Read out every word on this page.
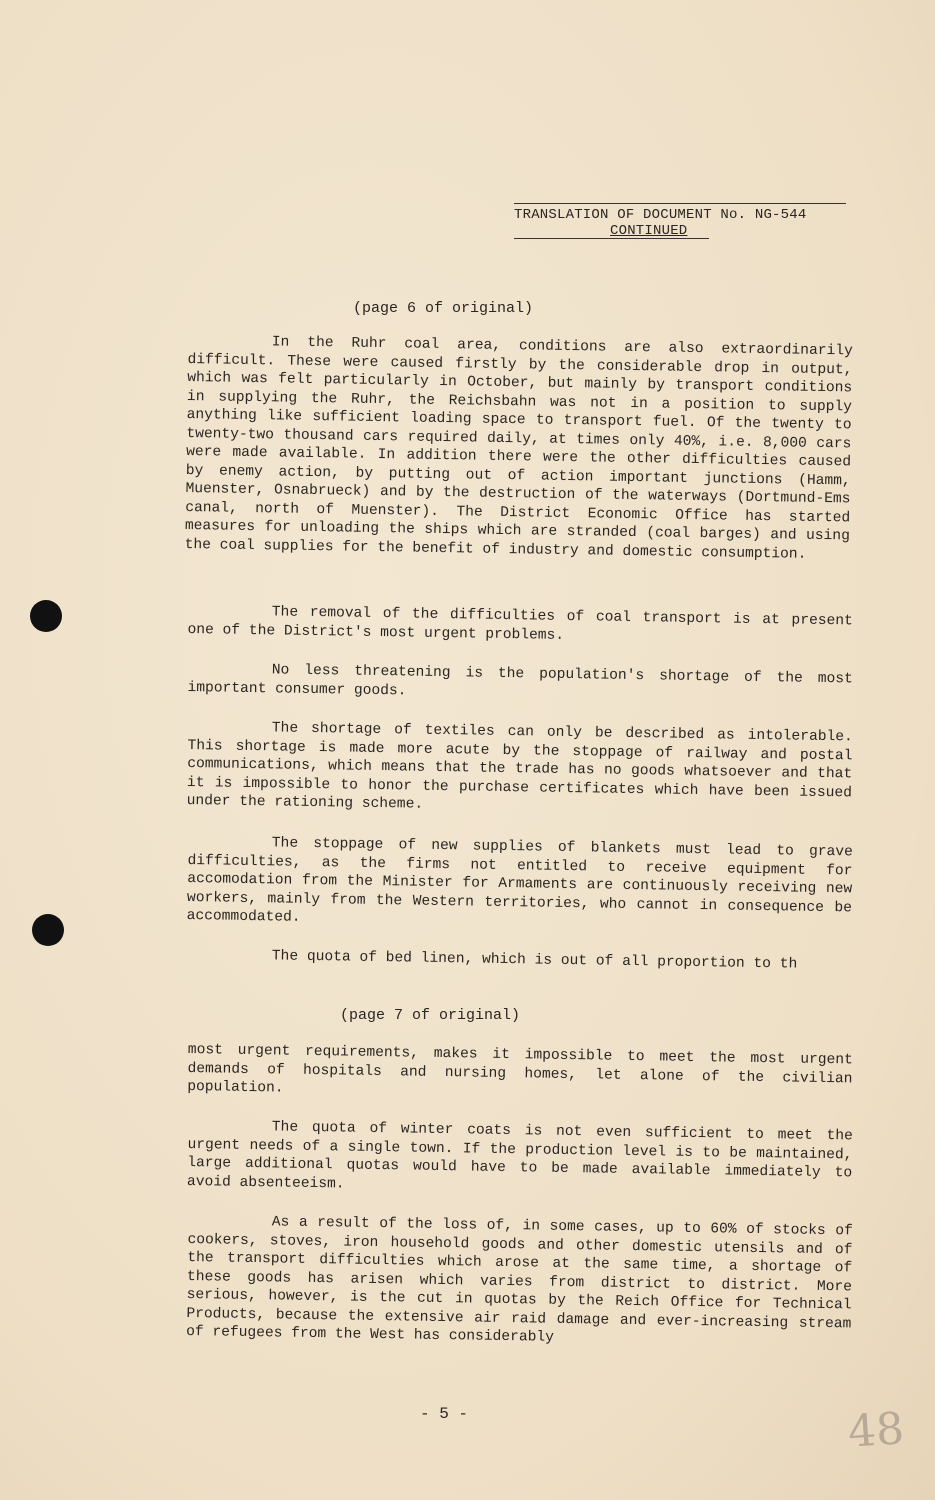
TRANSLATION OF DOCUMENT No. NG-544
CONTINUED
(page 6 of original)

In the Ruhr coal area, conditions are also extraordinarily difficult. These were caused firstly by the considerable drop in output, which was felt particularly in October, but mainly by transport conditions in supplying the Ruhr, the Reichsbahn was not in a position to supply anything like sufficient loading space to transport fuel. Of the twenty to twenty-two thousand cars required daily, at times only 40%, i.e. 8,000 cars were made available. In addition there were the other difficulties caused by enemy action, by putting out of action important junctions (Hamm, Muenster, Osnabrueck) and by the destruction of the waterways (Dortmund-Ems canal, north of Muenster). The District Economic Office has started measures for unloading the ships which are stranded (coal barges) and using the coal supplies for the benefit of industry and domestic consumption.

The removal of the difficulties of coal transport is at present one of the District's most urgent problems.

No less threatening is the population's shortage of the most important consumer goods.

The shortage of textiles can only be described as intolerable. This shortage is made more acute by the stoppage of railway and postal communications, which means that the trade has no goods whatsoever and that it is impossible to honor the purchase certificates which have been issued under the rationing scheme.

The stoppage of new supplies of blankets must lead to grave difficulties, as the firms not entitled to receive equipment for accomodation from the Minister for Armaments are continuously receiving new workers, mainly from the Western territories, who cannot in consequence be accommodated.

The quota of bed linen, which is out of all proportion to th

(page 7 of original)

most urgent requirements, makes it impossible to meet the most urgent demands of hospitals and nursing homes, let alone of the civilian population.

The quota of winter coats is not even sufficient to meet the urgent needs of a single town. If the production level is to be maintained, large additional quotas would have to be made available immediately to avoid absenteeism.

As a result of the loss of, in some cases, up to 60% of stocks of cookers, stoves, iron household goods and other domestic utensils and of the transport difficulties which arose at the same time, a shortage of these goods has arisen which varies from district to district. More serious, however, is the cut in quotas by the Reich Office for Technical Products, because the extensive air raid damage and ever-increasing stream of refugees from the West has considerably

- 5 -	48
